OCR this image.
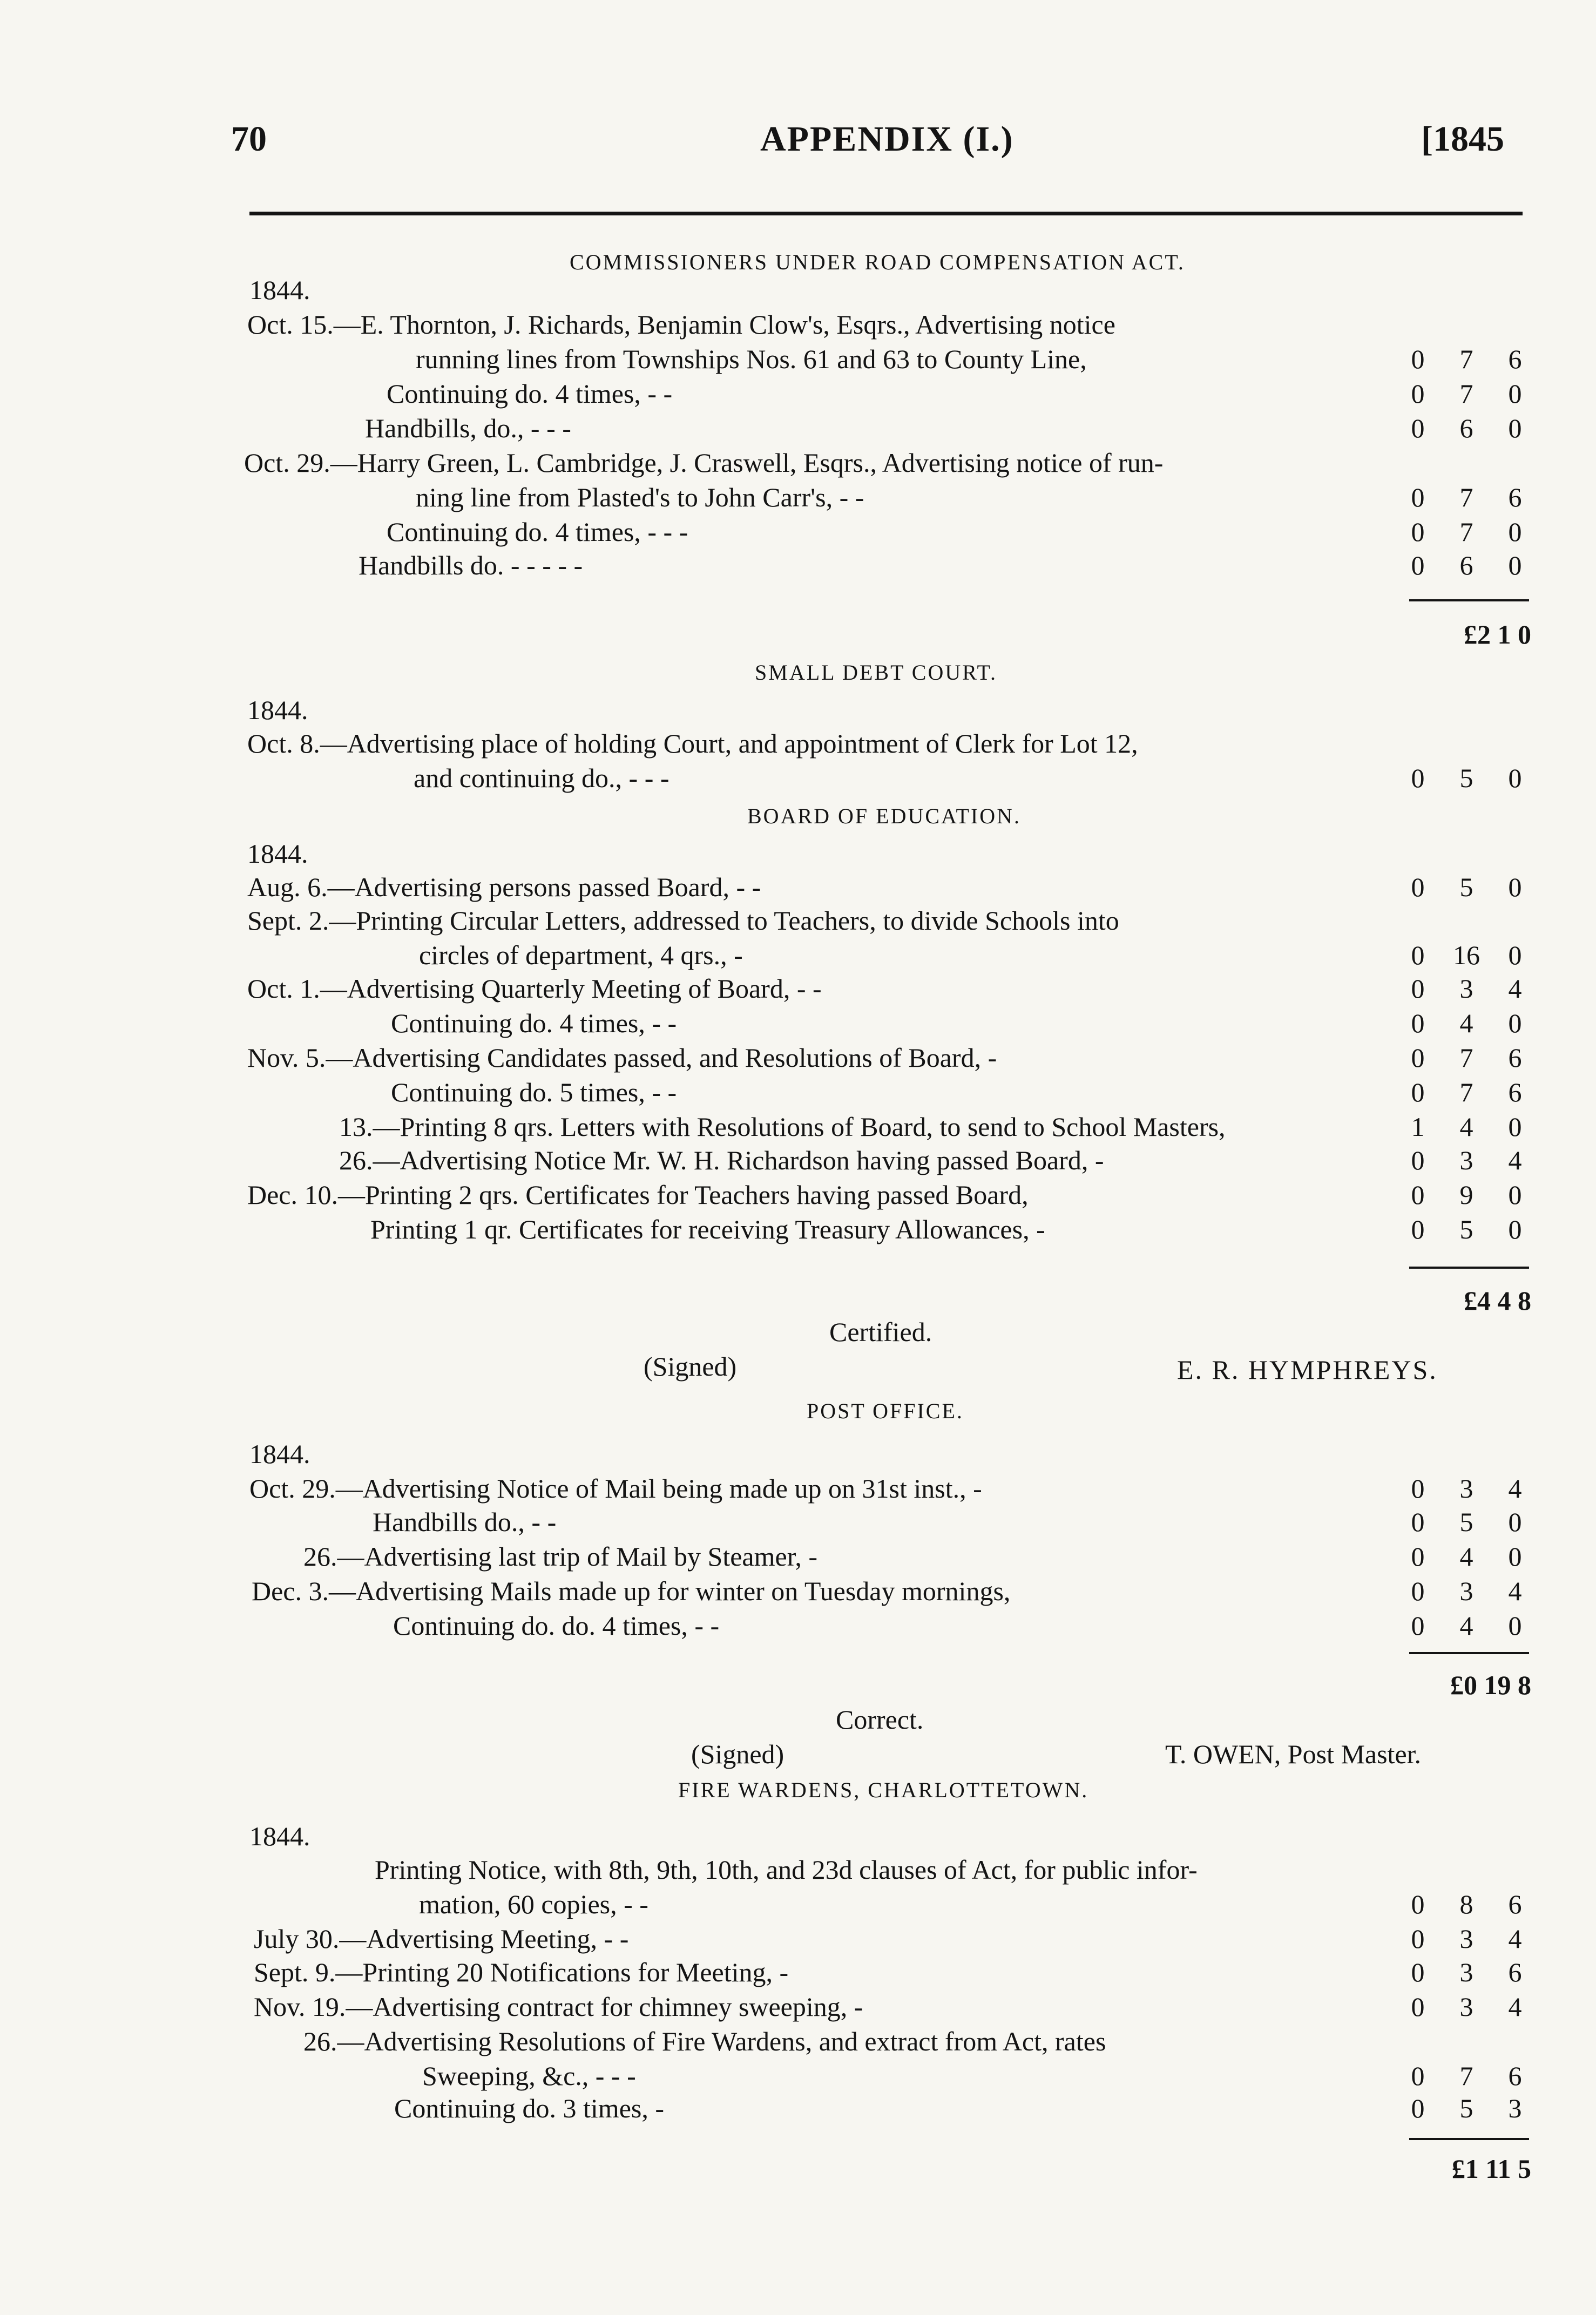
70	APPENDIX (I.)	[1845
COMMISSIONERS UNDER ROAD COMPENSATION ACT.
1844.
Oct. 15.—E. Thornton, J. Richards, Benjamin Clow's, Esqrs., Advertising notice
running lines from Townships Nos. 61 and 63 to County Line,	0	7	6
Continuing do. 4 times, - -	0	7	0
Handbills, do., - - -	0	6	0
Oct. 29.—Harry Green, L. Cambridge, J. Craswell, Esqrs., Advertising notice of run-
ning line from Plasted's to John Carr's, - -	0	7	6
Continuing do. 4 times, - - -	0	7	0
Handbills do. - - - - -	0	6	0
£2 1 0
SMALL DEBT COURT.
1844.
Oct. 8.—Advertising place of holding Court, and appointment of Clerk for Lot 12,
and continuing do., - - -	0	5	0
BOARD OF EDUCATION.
1844.
Aug. 6.—Advertising persons passed Board, - -	0	5	0
Sept. 2.—Printing Circular Letters, addressed to Teachers, to divide Schools into
circles of department, 4 qrs., -	0	16	0
Oct. 1.—Advertising Quarterly Meeting of Board, - -	0	3	4
Continuing do. 4 times, - -	0	4	0
Nov. 5.—Advertising Candidates passed, and Resolutions of Board, -	0	7	6
Continuing do. 5 times, - -	0	7	6
13.—Printing 8 qrs. Letters with Resolutions of Board, to send to School Masters,	1	4	0
26.—Advertising Notice Mr. W. H. Richardson having passed Board, -	0	3	4
Dec. 10.—Printing 2 qrs. Certificates for Teachers having passed Board,	0	9	0
Printing 1 qr. Certificates for receiving Treasury Allowances, -	0	5	0
£4 4 8
Certified.
(Signed)	E. R. HYMPHREYS.
POST OFFICE.
1844.
Oct. 29.—Advertising Notice of Mail being made up on 31st inst., -	0	3	4
Handbills do., - -	0	5	0
26.—Advertising last trip of Mail by Steamer, -	0	4	0
Dec. 3.—Advertising Mails made up for winter on Tuesday mornings,	0	3	4
Continuing do. do. 4 times, - -	0	4	0
£0 19 8
Correct.
(Signed)	T. OWEN, Post Master.
FIRE WARDENS, CHARLOTTETOWN.
1844.
Printing Notice, with 8th, 9th, 10th, and 23d clauses of Act, for public infor-
mation, 60 copies, - -	0	8	6
July 30.—Advertising Meeting, - -	0	3	4
Sept. 9.—Printing 20 Notifications for Meeting, -	0	3	6
Nov. 19.—Advertising contract for chimney sweeping, -	0	3	4
26.—Advertising Resolutions of Fire Wardens, and extract from Act, rates
Sweeping, &c., - - -	0	7	6
Continuing do. 3 times, -	0	5	3
£1 11 5
